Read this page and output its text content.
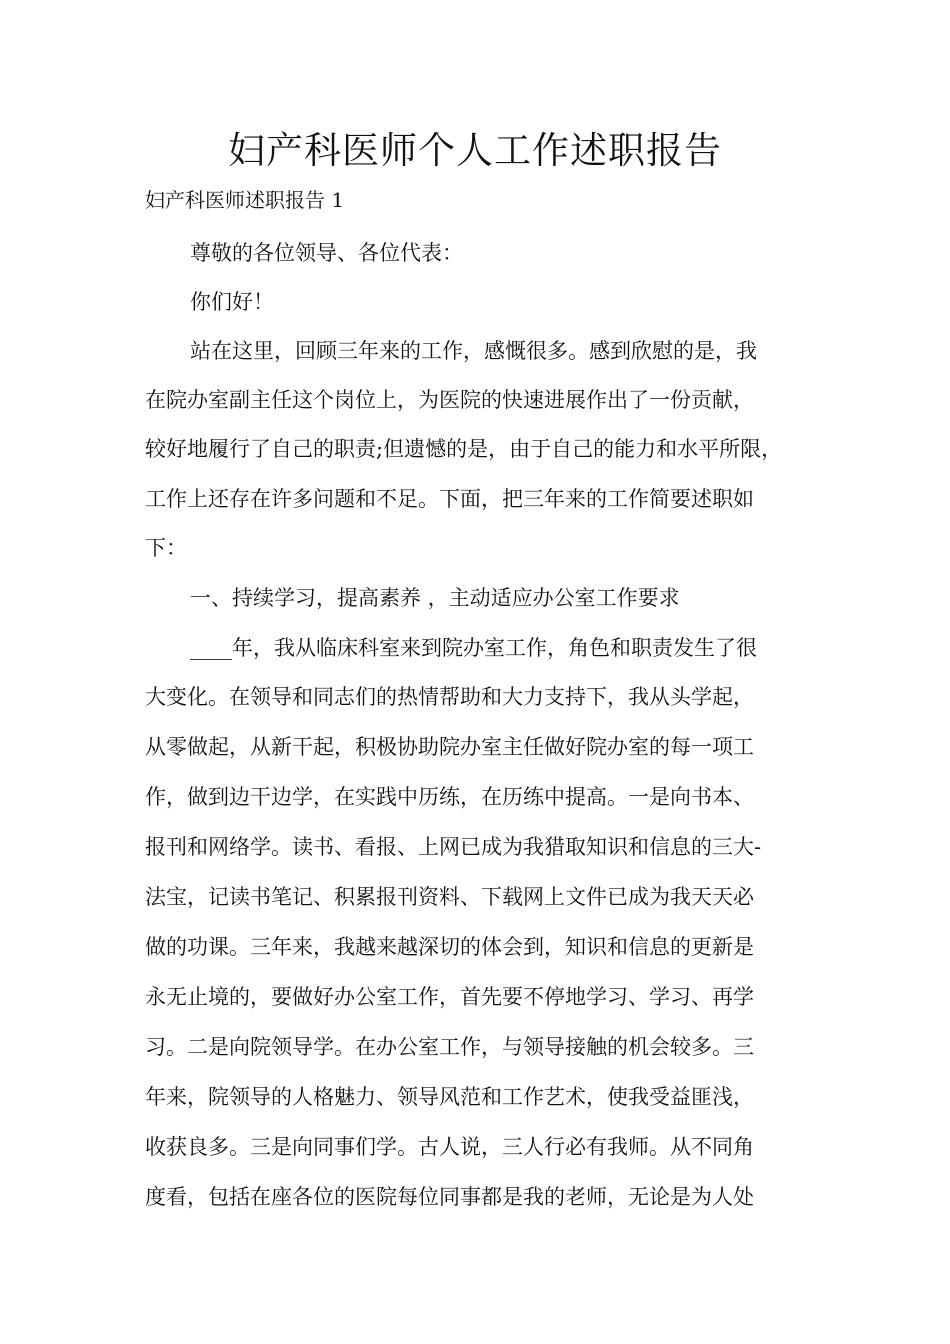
妇产科医师个人工作述职报告

妇产科医师述职报告 1

尊敬的各位领导、各位代表：

你们好！

站在这里，回顾三年来的工作，感慨很多。感到欣慰的是，我

在院办室副主任这个岗位上，为医院的快速进展作出了一份贡献，

较好地履行了自己的职责;但遗憾的是，由于自己的能力和水平所限，

工作上还存在许多问题和不足。下面，把三年来的工作简要述职如

下：

一、持续学习，提高素养 ，主动适应办公室工作要求

____年，我从临床科室来到院办室工作，角色和职责发生了很

大变化。在领导和同志们的热情帮助和大力支持下，我从头学起，

从零做起，从新干起，积极协助院办室主任做好院办室的每一项工

作，做到边干边学，在实践中历练，在历练中提高。一是向书本、

报刊和网络学。读书、看报、上网已成为我猎取知识和信息的三大-

法宝，记读书笔记、积累报刊资料、下载网上文件已成为我天天必

做的功课。三年来，我越来越深切的体会到，知识和信息的更新是

永无止境的，要做好办公室工作，首先要不停地学习、学习、再学

习。二是向院领导学。在办公室工作，与领导接触的机会较多。三

年来，院领导的人格魅力、领导风范和工作艺术，使我受益匪浅，

收获良多。三是向同事们学。古人说，三人行必有我师。从不同角

度看，包括在座各位的医院每位同事都是我的老师，无论是为人处
